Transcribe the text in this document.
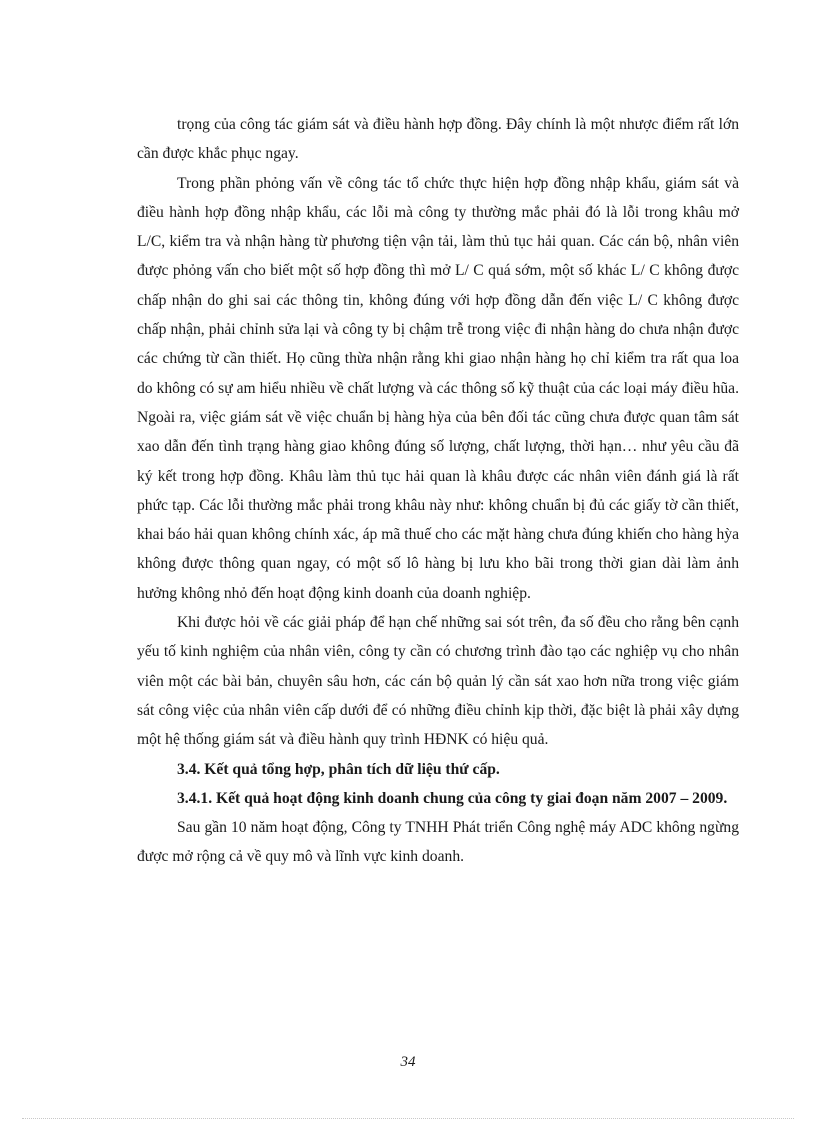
trọng của công tác giám sát và điều hành hợp đồng. Đây chính là một nhược điểm rất lớn cần được khắc phục ngay.

Trong phần phỏng vấn về công tác tổ chức thực hiện hợp đồng nhập khẩu, giám sát và điều hành hợp đồng nhập khẩu, các lỗi mà công ty thường mắc phải đó là lỗi trong khâu mở L/C, kiểm tra và nhận hàng từ phương tiện vận tải, làm thủ tục hải quan. Các cán bộ, nhân viên được phỏng vấn cho biết một số hợp đồng thì mở L/ C quá sớm, một số khác L/ C không được chấp nhận do ghi sai các thông tin, không đúng với hợp đồng dẫn đến việc L/ C không được chấp nhận, phải chỉnh sửa lại và công ty bị chậm trễ trong việc đi nhận hàng do chưa nhận được các chứng từ cần thiết. Họ cũng thừa nhận rằng khi giao nhận hàng họ chỉ kiểm tra rất qua loa do không có sự am hiểu nhiều về chất lượng và các thông số kỹ thuật của các loại máy điều hũa. Ngoài ra, việc giám sát về việc chuẩn bị hàng hỳa của bên đối tác cũng chưa được quan tâm sát xao dẫn đến tình trạng hàng giao không đúng số lượng, chất lượng, thời hạn… như yêu cầu đã ký kết trong hợp đồng. Khâu làm thủ tục hải quan là khâu được các nhân viên đánh giá là rất phức tạp. Các lỗi thường mắc phải trong khâu này như: không chuẩn bị đủ các giấy tờ cần thiết, khai báo hải quan không chính xác, áp mã thuế cho các mặt hàng chưa đúng khiến cho hàng hỳa không được thông quan ngay, có một số lô hàng bị lưu kho bãi trong thời gian dài làm ảnh hưởng không nhỏ đến hoạt động kinh doanh của doanh nghiệp.

Khi được hỏi về các giải pháp để hạn chế những sai sót trên, đa số đều cho rằng bên cạnh yếu tố kinh nghiệm của nhân viên, công ty cần có chương trình đào tạo các nghiệp vụ cho nhân viên một các bài bản, chuyên sâu hơn, các cán bộ quản lý cần sát xao hơn nữa trong việc giám sát công việc của nhân viên cấp dưới để có những điều chỉnh kịp thời, đặc biệt là phải xây dựng một hệ thống giám sát và điều hành quy trình HĐNK có hiệu quả.

3.4. Kết quả tổng hợp, phân tích dữ liệu thứ cấp.

3.4.1. Kết quả hoạt động kinh doanh chung của công ty giai đoạn năm 2007 – 2009.

Sau gần 10 năm hoạt động, Công ty TNHH Phát triển Công nghệ máy ADC không ngừng được mở rộng cả về quy mô và lĩnh vực kinh doanh.

34
